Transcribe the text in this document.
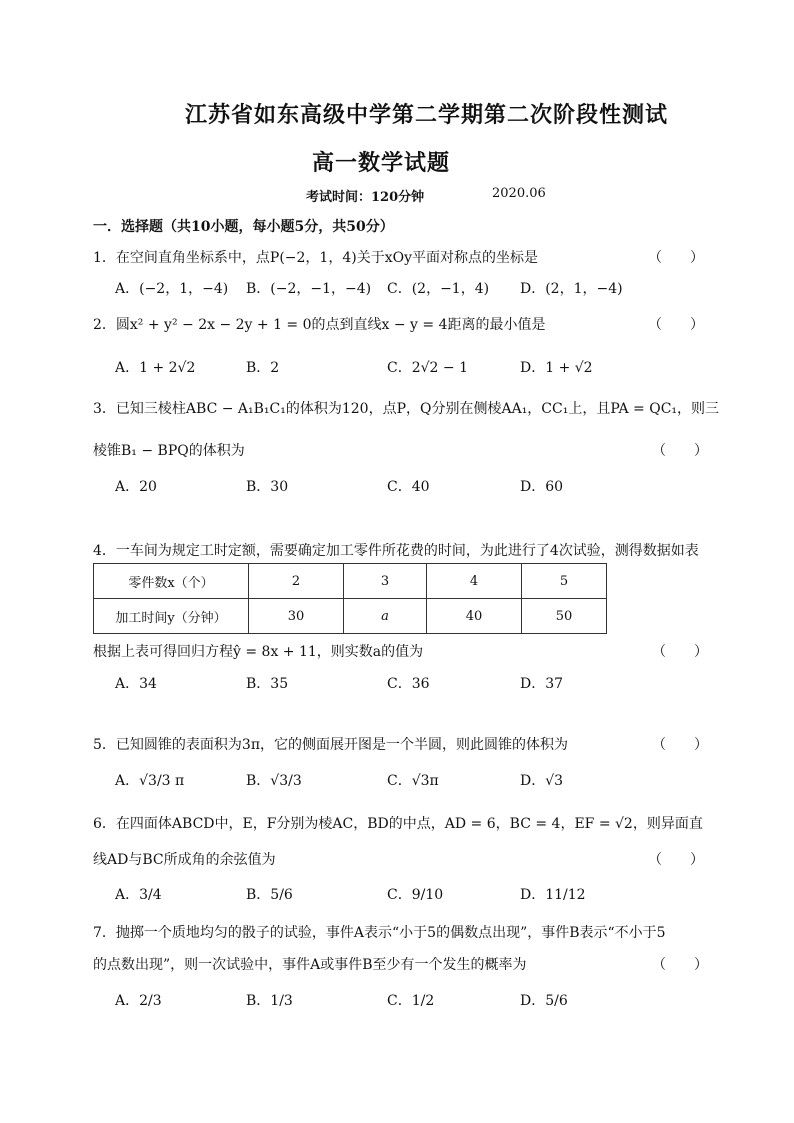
江苏省如东高级中学第二学期第二次阶段性测试
高一数学试题
考试时间：120分钟	2020.06
一．选择题（共10小题，每小题5分，共50分）
1．在空间直角坐标系中，点P(−2，1，4)关于xOy平面对称点的坐标是	（　　）
A．(−2，1，−4) B．(−2，−1，−4) C．(2，−1，4) D．(2，1，−4)
2．圆x² + y² − 2x − 2y + 1 = 0的点到直线x − y = 4距离的最小值是	（　　）
A．1 + 2√2	B．2	C．2√2 − 1	D．1 + √2
3．已知三棱柱ABC − A₁B₁C₁的体积为120，点P，Q分别在侧棱AA₁，CC₁上，且PA = QC₁，则三
棱锥B₁ − BPQ的体积为	（　　）
A．20	B．30	C．40	D．60
4．一车间为规定工时定额，需要确定加工零件所花费的时间，为此进行了4次试验，测得数据如表
零件数x（个）	2	3	4	5
加工时间y（分钟）	30	a	40	50
根据上表可得回归方程ŷ = 8x + 11，则实数a的值为	（　　）
A．34	B．35	C．36	D．37
5．已知圆锥的表面积为3π，它的侧面展开图是一个半圆，则此圆锥的体积为	（　　）
A．√3/3 π	B．√3/3	C．√3π	D．√3
6．在四面体ABCD中，E，F分别为棱AC，BD的中点，AD = 6，BC = 4，EF = √2，则异面直
线AD与BC所成角的余弦值为	（　　）
A．3/4	B．5/6	C．9/10	D．11/12
7．抛掷一个质地均匀的骰子的试验，事件A表示“小于5的偶数点出现”，事件B表示“不小于5
的点数出现”，则一次试验中，事件A或事件B至少有一个发生的概率为	（　　）
A．2/3	B．1/3	C．1/2	D．5/6
